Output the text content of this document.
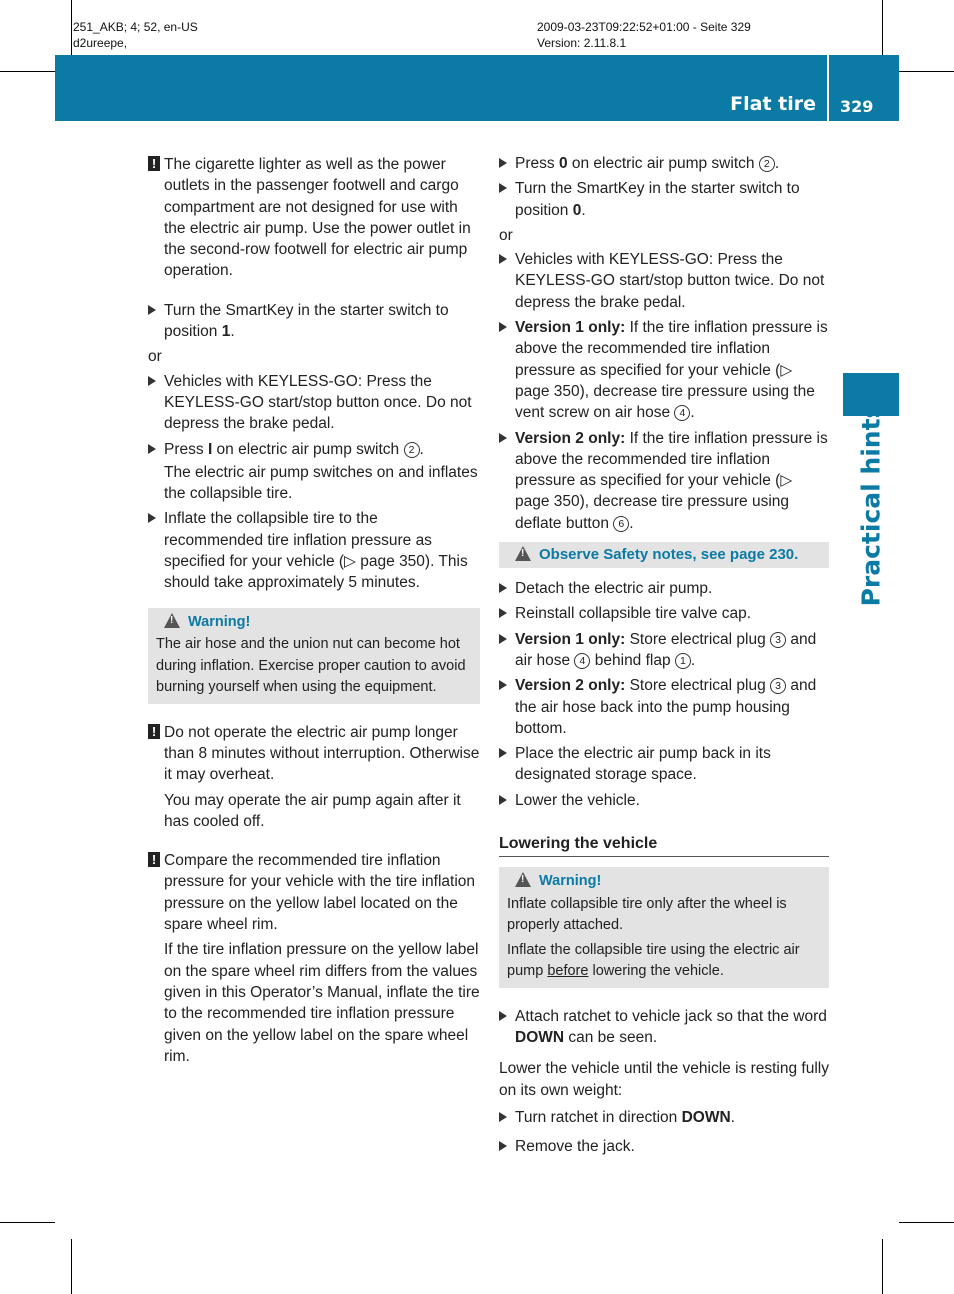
251_AKB; 4; 52, en-US
d2ureepe,
2009-03-23T09:22:52+01:00 - Seite 329
Version: 2.11.8.1
Flat tire 329
Practical hints
! The cigarette lighter as well as the power outlets in the passenger footwell and cargo compartment are not designed for use with the electric air pump. Use the power outlet in the second-row footwell for electric air pump operation.

Turn the SmartKey in the starter switch to position 1.
or
Vehicles with KEYLESS-GO: Press the KEYLESS-GO start/stop button once. Do not depress the brake pedal.
Press I on electric air pump switch 2 .
The electric air pump switches on and inflates the collapsible tire.
Inflate the collapsible tire to the recommended tire inflation pressure as specified for your vehicle (▷ page 350). This should take approximately 5 minutes.
!Warning!

The air hose and the union nut can become hot during inflation. Exercise proper caution to avoid burning yourself when using the equipment.

! Do not operate the electric air pump longer than 8 minutes without interruption. Otherwise it may overheat.

You may operate the air pump again after it has cooled off.

! Compare the recommended tire inflation pressure for your vehicle with the tire inflation pressure on the yellow label located on the spare wheel rim.

If the tire inflation pressure on the yellow label on the spare wheel rim differs from the values given in this Operator’s Manual, inflate the tire to the recommended tire inflation pressure given on the yellow label on the spare wheel rim.

Press 0 on electric air pump switch 2 .
Turn the SmartKey in the starter switch to position 0.
or
Vehicles with KEYLESS-GO: Press the KEYLESS-GO start/stop button twice. Do not depress the brake pedal.
Version 1 only: If the tire inflation pressure is above the recommended tire inflation pressure as specified for your vehicle (▷ page 350), decrease tire pressure using the vent screw on air hose 4 .
Version 2 only: If the tire inflation pressure is above the recommended tire inflation pressure as specified for your vehicle (▷ page 350), decrease tire pressure using deflate button 6 .
!Observe Safety notes, see page 230.
Detach the electric air pump.
Reinstall collapsible tire valve cap.
Version 1 only: Store electrical plug 3 and air hose 4 behind flap 1 .
Version 2 only: Store electrical plug 3 and the air hose back into the pump housing bottom.
Place the electric air pump back in its designated storage space.
Lower the vehicle.
Lowering the vehicle
!Warning!

Inflate collapsible tire only after the wheel is properly attached.

Inflate the collapsible tire using the electric air pump before lowering the vehicle.

Attach ratchet to vehicle jack so that the word DOWN can be seen.
Lower the vehicle until the vehicle is resting fully on its own weight:
Turn ratchet in direction DOWN.
Remove the jack.
